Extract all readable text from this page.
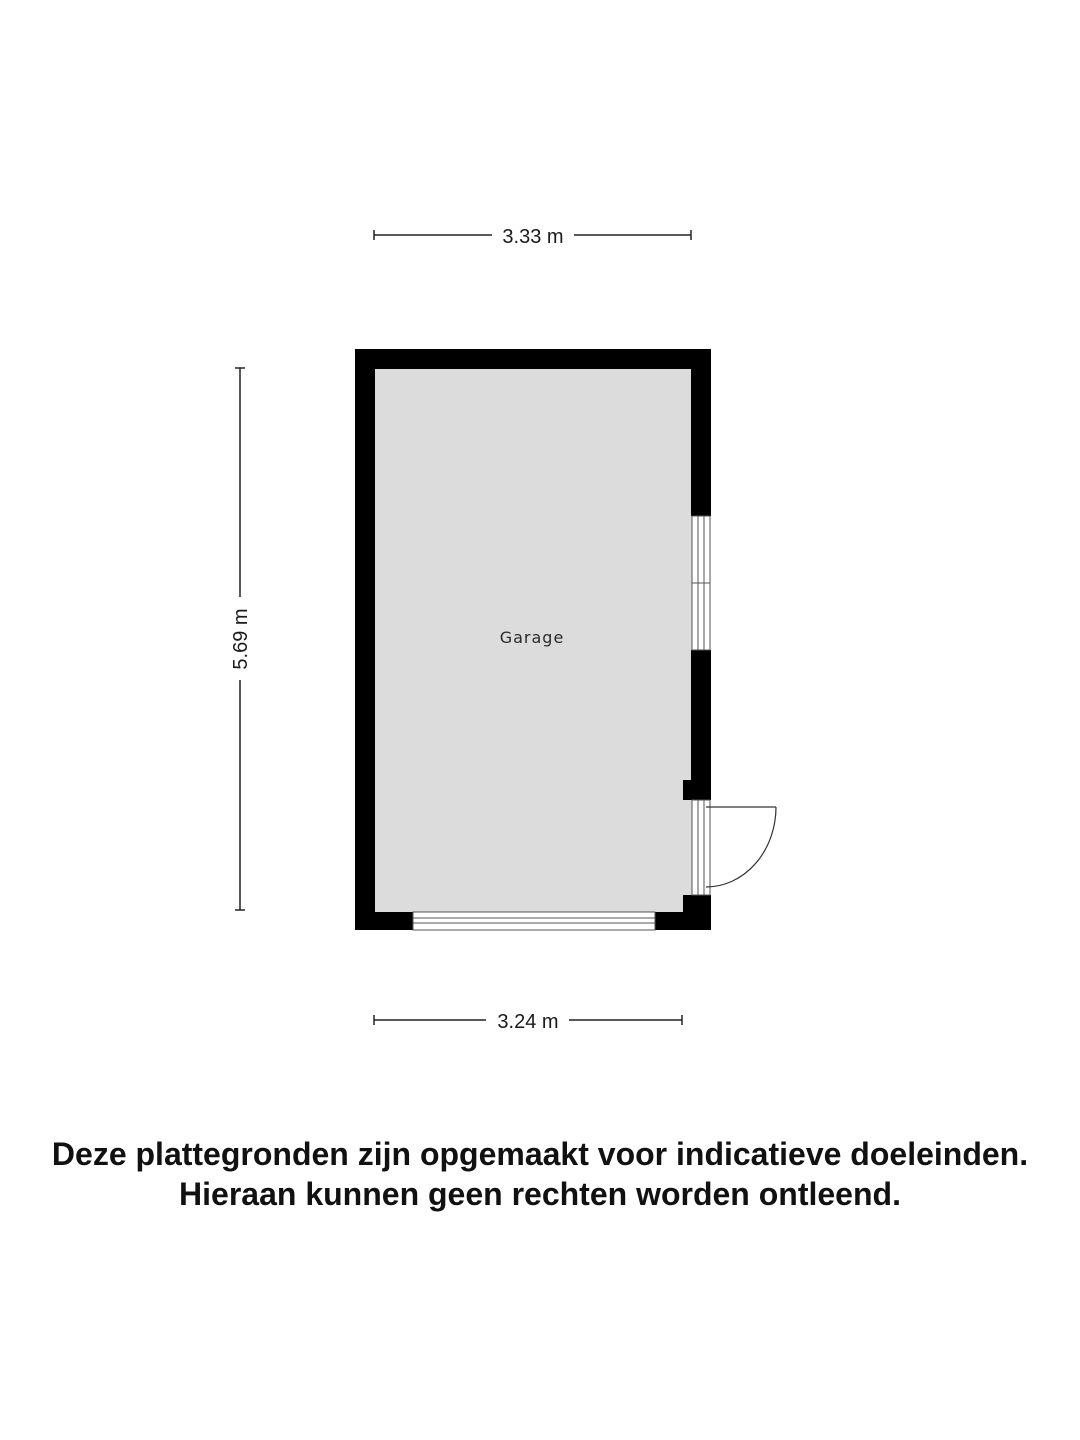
3.33 m
5.69 m
3.24 m
Garage
Deze plattegronden zijn opgemaakt voor indicatieve doeleinden.
Hieraan kunnen geen rechten worden ontleend.
